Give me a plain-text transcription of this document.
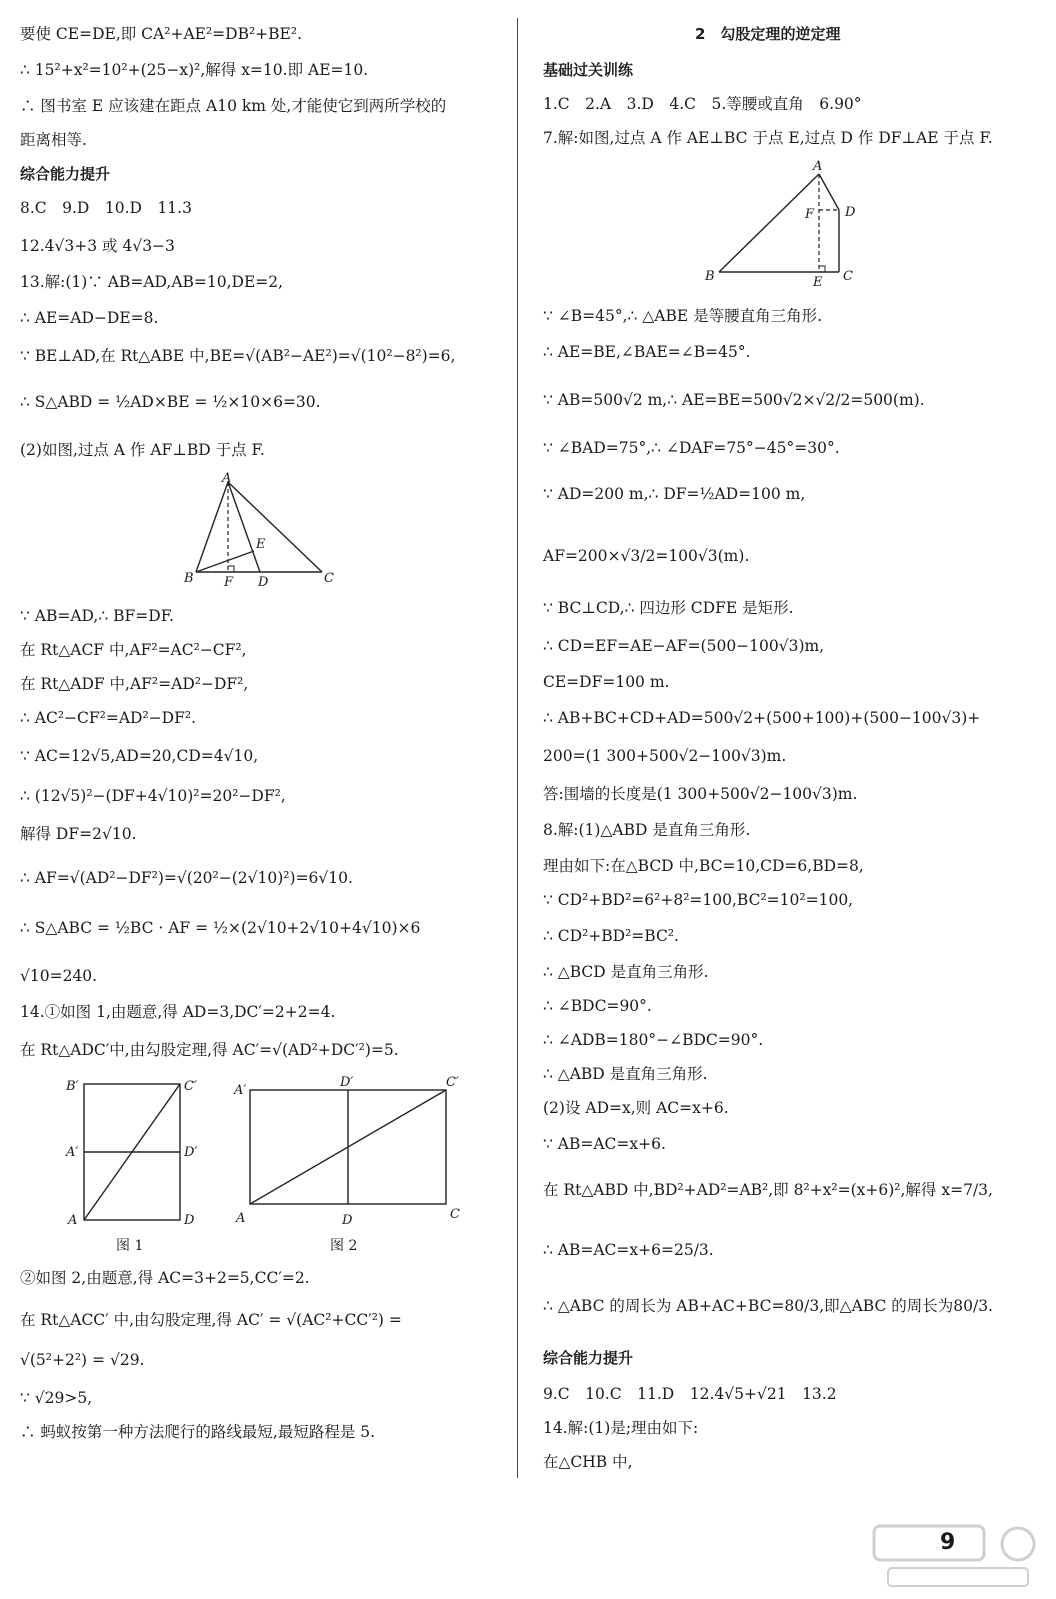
要使 CE=DE,即 CA²+AE²=DB²+BE².
∴ 15²+x²=10²+(25−x)²,解得 x=10.即 AE=10.
∴ 图书室 E 应该建在距点 A10 km 处,才能使它到两所学校的
距离相等.
综合能力提升
8.C　9.D　10.D　11.3
12.4√3+3 或 4√3−3
13.解:(1)∵ AB=AD,AB=10,DE=2,
∴ AE=AD−DE=8.
∵ BE⊥AD,在 Rt△ABE 中,BE=√(AB²−AE²)=√(10²−8²)=6,
∴ S△ABD = ½AD×BE = ½×10×6=30.
(2)如图,过点 A 作 AF⊥BD 于点 F.
A
B	C
D
E
F
∵ AB=AD,∴ BF=DF.
在 Rt△ACF 中,AF²=AC²−CF²,
在 Rt△ADF 中,AF²=AD²−DF²,
∴ AC²−CF²=AD²−DF².
∵ AC=12√5,AD=20,CD=4√10,
∴ (12√5)²−(DF+4√10)²=20²−DF²,
解得 DF=2√10.
∴ AF=√(AD²−DF²)=√(20²−(2√10)²)=6√10.
∴ S△ABC = ½BC · AF = ½×(2√10+2√10+4√10)×6
√10=240.
14.①如图 1,由题意,得 AD=3,DC′=2+2=4.
在 Rt△ADC′中,由勾股定理,得 AC′=√(AD²+DC′²)=5.
B′	C′
A′	D′
A	D
图 1
A′
D′	C′
A	D	C
图 2
②如图 2,由题意,得 AC=3+2=5,CC′=2.
在 Rt△ACC′ 中,由勾股定理,得 AC′ = √(AC²+CC′²) =
√(5²+2²) = √29.
∵ √29>5,
∴ 蚂蚁按第一种方法爬行的路线最短,最短路程是 5.
2　勾股定理的逆定理
基础过关训练
1.C　2.A　3.D　4.C　5.等腰或直角　6.90°
7.解:如图,过点 A 作 AE⊥BC 于点 E,过点 D 作 DF⊥AE 于点 F.
A
B	C
D
E
F
∵ ∠B=45°,∴ △ABE 是等腰直角三角形.
∴ AE=BE,∠BAE=∠B=45°.
∵ AB=500√2 m,∴ AE=BE=500√2×√2/2=500(m).
∵ ∠BAD=75°,∴ ∠DAF=75°−45°=30°.
∵ AD=200 m,∴ DF=½AD=100 m,
AF=200×√3/2=100√3(m).
∵ BC⊥CD,∴ 四边形 CDFE 是矩形.
∴ CD=EF=AE−AF=(500−100√3)m,
CE=DF=100 m.
∴ AB+BC+CD+AD=500√2+(500+100)+(500−100√3)+
200=(1 300+500√2−100√3)m.
答:围墙的长度是(1 300+500√2−100√3)m.
8.解:(1)△ABD 是直角三角形.
理由如下:在△BCD 中,BC=10,CD=6,BD=8,
∵ CD²+BD²=6²+8²=100,BC²=10²=100,
∴ CD²+BD²=BC².
∴ △BCD 是直角三角形.
∴ ∠BDC=90°.
∴ ∠ADB=180°−∠BDC=90°.
∴ △ABD 是直角三角形.
(2)设 AD=x,则 AC=x+6.
∵ AB=AC=x+6.
在 Rt△ABD 中,BD²+AD²=AB²,即 8²+x²=(x+6)²,解得 x=7/3,
∴ AB=AC=x+6=25/3.
∴ △ABC 的周长为 AB+AC+BC=80/3,即△ABC 的周长为80/3.
综合能力提升
9.C　10.C　11.D　12.4√5+√21　13.2
14.解:(1)是;理由如下:
在△CHB 中,
9
